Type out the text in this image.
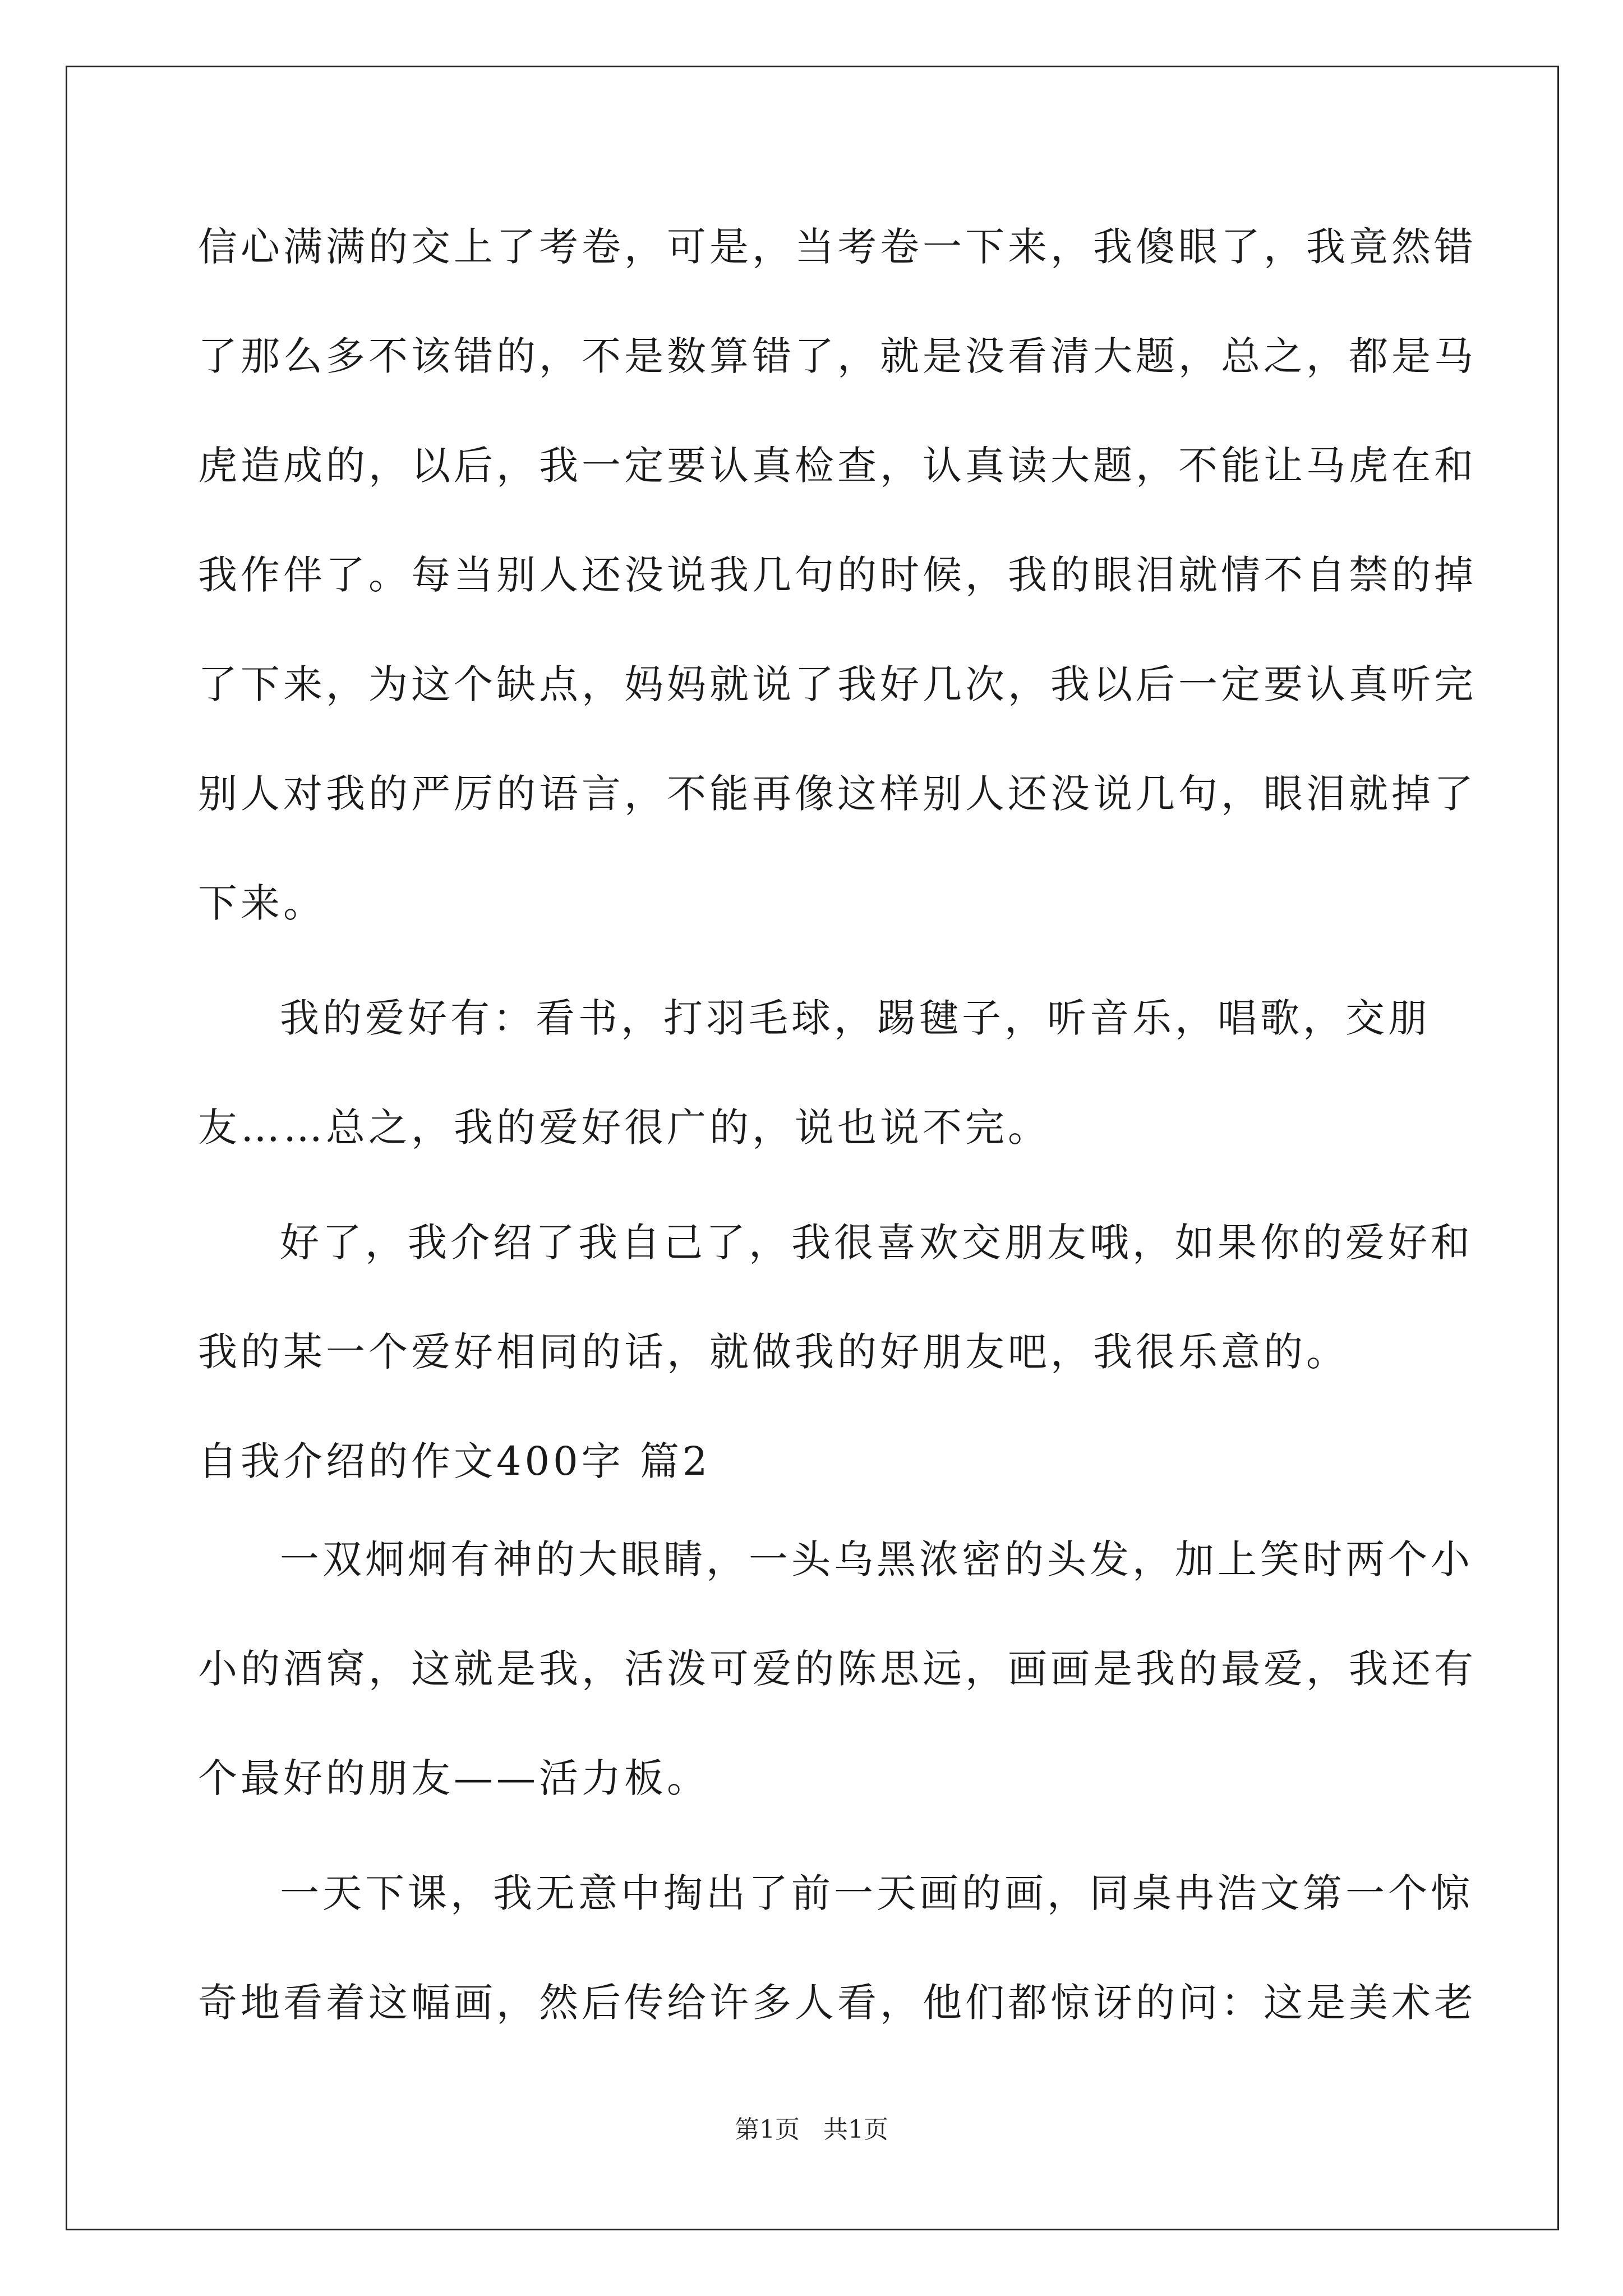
信心满满的交上了考卷，可是，当考卷一下来，我傻眼了，我竟然错
了那么多不该错的，不是数算错了，就是没看清大题，总之，都是马
虎造成的，以后，我一定要认真检查，认真读大题，不能让马虎在和
我作伴了。每当别人还没说我几句的时候，我的眼泪就情不自禁的掉
了下来，为这个缺点，妈妈就说了我好几次，我以后一定要认真听完
别人对我的严厉的语言，不能再像这样别人还没说几句，眼泪就掉了
下来。
我的爱好有：看书，打羽毛球，踢毽子，听音乐，唱歌，交朋
友……总之，我的爱好很广的，说也说不完。
好了，我介绍了我自己了，我很喜欢交朋友哦，如果你的爱好和
我的某一个爱好相同的话，就做我的好朋友吧，我很乐意的。
自我介绍的作文400字 篇2
一双炯炯有神的大眼睛，一头乌黑浓密的头发，加上笑时两个小
小的酒窝，这就是我，活泼可爱的陈思远，画画是我的最爱，我还有
个最好的朋友——活力板。
一天下课，我无意中掏出了前一天画的画，同桌冉浩文第一个惊
奇地看着这幅画，然后传给许多人看，他们都惊讶的问：这是美术老
第1页 共1页
